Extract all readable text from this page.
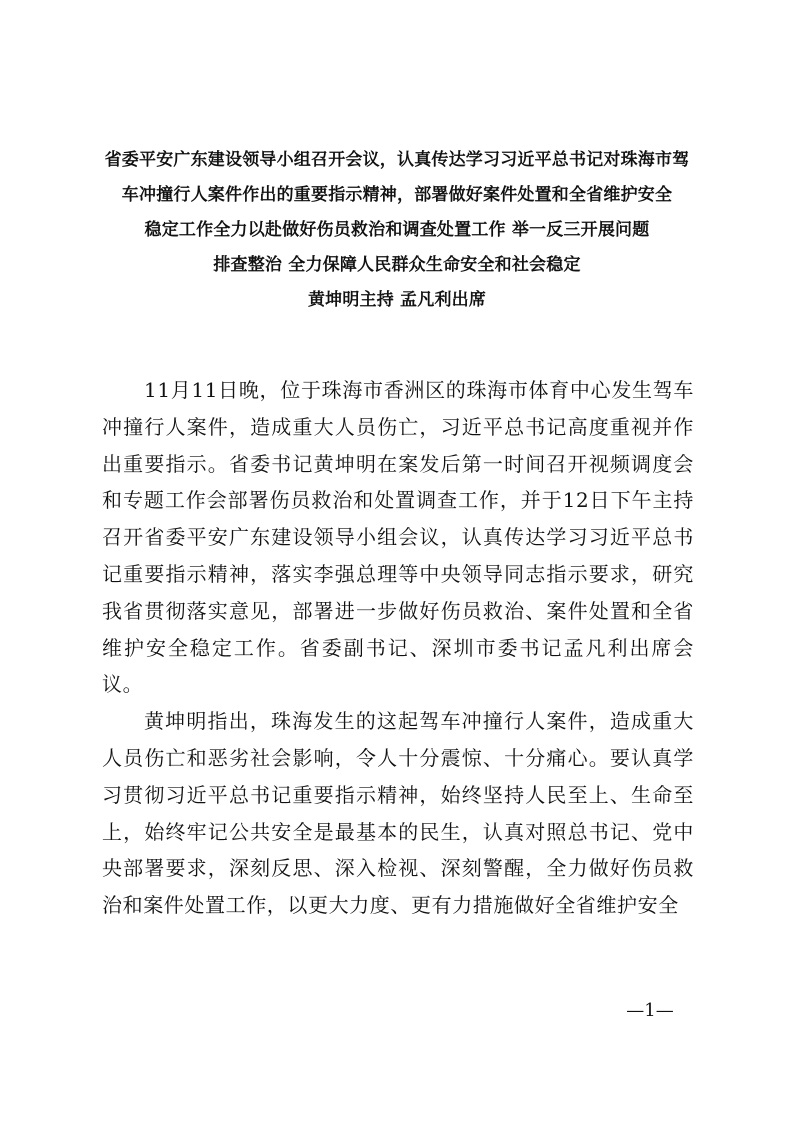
省委平安广东建设领导小组召开会议，认真传达学习习近平总书记对珠海市驾
车冲撞行人案件作出的重要指示精神，部署做好案件处置和全省维护安全
稳定工作全力以赴做好伤员救治和调查处置工作 举一反三开展问题
排查整治 全力保障人民群众生命安全和社会稳定
黄坤明主持 孟凡利出席

11月11日晚，位于珠海市香洲区的珠海市体育中心发生驾车冲撞行人案件，造成重大人员伤亡，习近平总书记高度重视并作出重要指示。省委书记黄坤明在案发后第一时间召开视频调度会和专题工作会部署伤员救治和处置调查工作，并于12日下午主持召开省委平安广东建设领导小组会议，认真传达学习习近平总书记重要指示精神，落实李强总理等中央领导同志指示要求，研究我省贯彻落实意见，部署进一步做好伤员救治、案件处置和全省维护安全稳定工作。省委副书记、深圳市委书记孟凡利出席会议。

黄坤明指出，珠海发生的这起驾车冲撞行人案件，造成重大人员伤亡和恶劣社会影响，令人十分震惊、十分痛心。要认真学习贯彻习近平总书记重要指示精神，始终坚持人民至上、生命至上，始终牢记公共安全是最基本的民生，认真对照总书记、党中央部署要求，深刻反思、深入检视、深刻警醒，全力做好伤员救治和案件处置工作，以更大力度、更有力措施做好全省维护安全

—1—
